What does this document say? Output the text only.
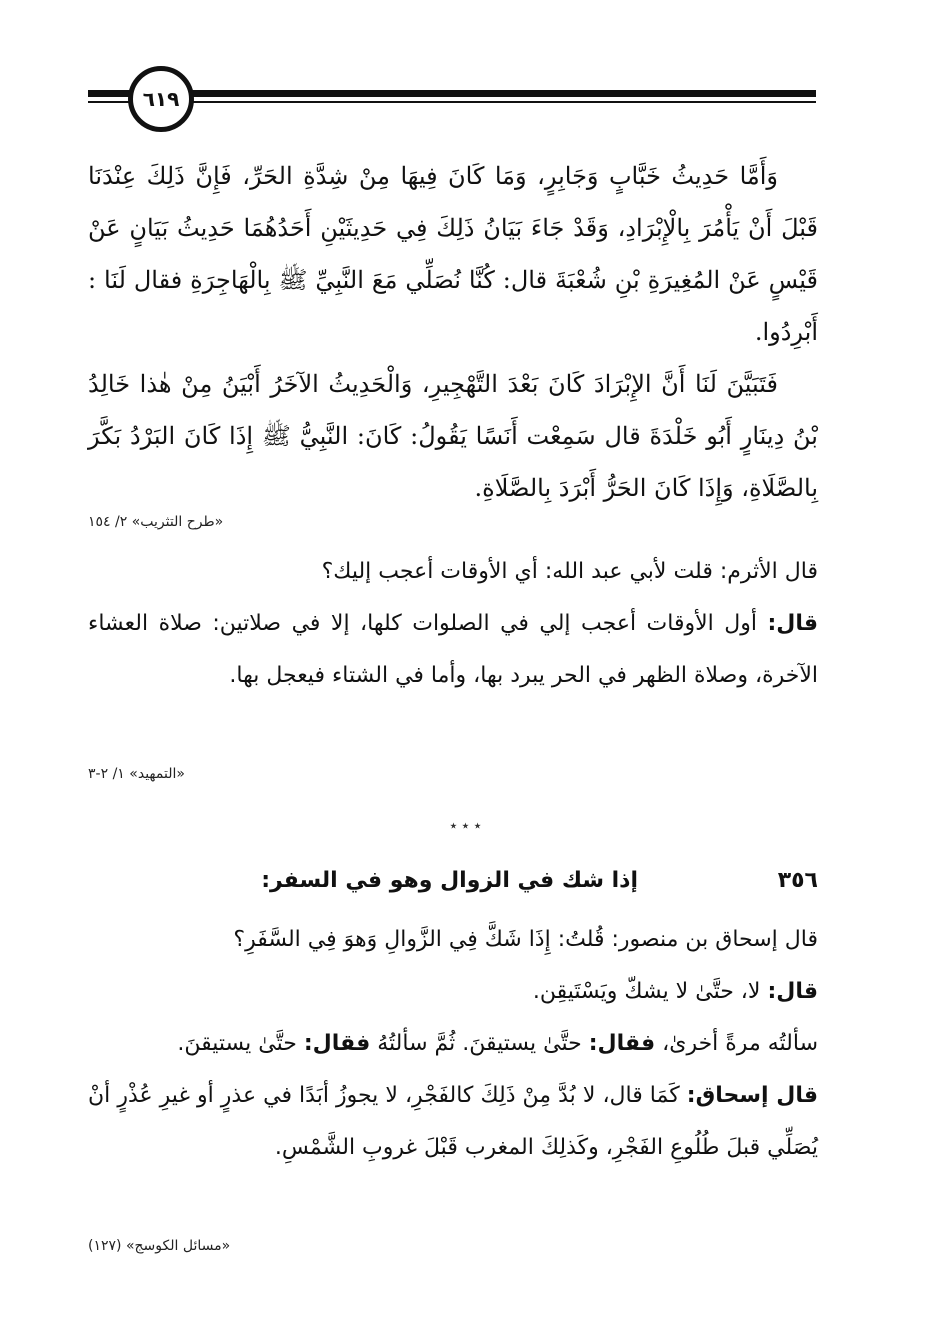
٦١٩

وَأَمَّا حَدِيثُ خَبَّابٍ وَجَابِرٍ، وَمَا كَانَ فِيهَا مِنْ شِدَّةِ الحَرِّ، فَإِنَّ ذَلِكَ عِنْدَنَا قَبْلَ أَنْ يَأْمُرَ بِالْإِبْرَادِ، وَقَدْ جَاءَ بَيَانُ ذَلِكَ فِي حَدِيثَيْنِ أَحَدُهُمَا حَدِيثُ بَيَانٍ عَنْ قَيْسٍ عَنْ المُغِيرَةِ بْنِ شُعْبَةَ قال: كُنَّا نُصَلِّي مَعَ النَّبِيِّ ﷺ بِالْهَاجِرَةِ فقال لَنَا : أَبْرِدُوا.

فَتَبَيَّنَ لَنَا أَنَّ الإِبْرَادَ كَانَ بَعْدَ التَّهْجِيرِ، وَالْحَدِيثُ الآخَرُ أَبْيَنُ مِنْ هٰذا خَالِدُ بْنُ دِينَارٍ أَبُو خَلْدَةَ قال سَمِعْت أَنَسًا يَقُولُ: كَانَ: النَّبِيُّ ﷺ إِذَا كَانَ البَرْدُ بَكَّرَ بِالصَّلَاةِ، وَإِذَا كَانَ الحَرُّ أَبْرَدَ بِالصَّلَاةِ.

«طرح التثريب» ٢/ ١٥٤

قال الأثرم: قلت لأبي عبد الله: أي الأوقات أعجب إليك؟

قال: أول الأوقات أعجب إلي في الصلوات كلها، إلا في صلاتين: صلاة العشاء الآخرة، وصلاة الظهر في الحر يبرد بها، وأما في الشتاء فيعجل بها.

«التمهيد» ١/ ٢-٣
٭ ٭ ٭
٣٥٦
إذا شك في الزوال وهو في السفر:

قال إسحاق بن منصور: قُلتُ: إِذَا شَكَّ فِي الزَّوالِ وَهوَ فِي السَّفَرِ؟

قال: لا، حتَّىٰ لا يشكّ ويَسْتَيقِن.

سألتُه مرةً أخرىٰ، فقال: حتَّىٰ يستيقنَ. ثُمَّ سألتُهُ فقال: حتَّىٰ يستيقنَ.

قال إسحاق: كَمَا قال، لا بُدَّ مِنْ ذَلِكَ كالفَجْرِ، لا يجوزُ أبَدًا في عذرٍ أو غيرِ عُذْرٍ أنْ يُصَلِّي قبلَ طُلُوعِ الفَجْرِ، وكَذلِكَ المغرب قَبْلَ غروبِ الشَّمْسِ.

«مسائل الكوسج» (١٢٧)
